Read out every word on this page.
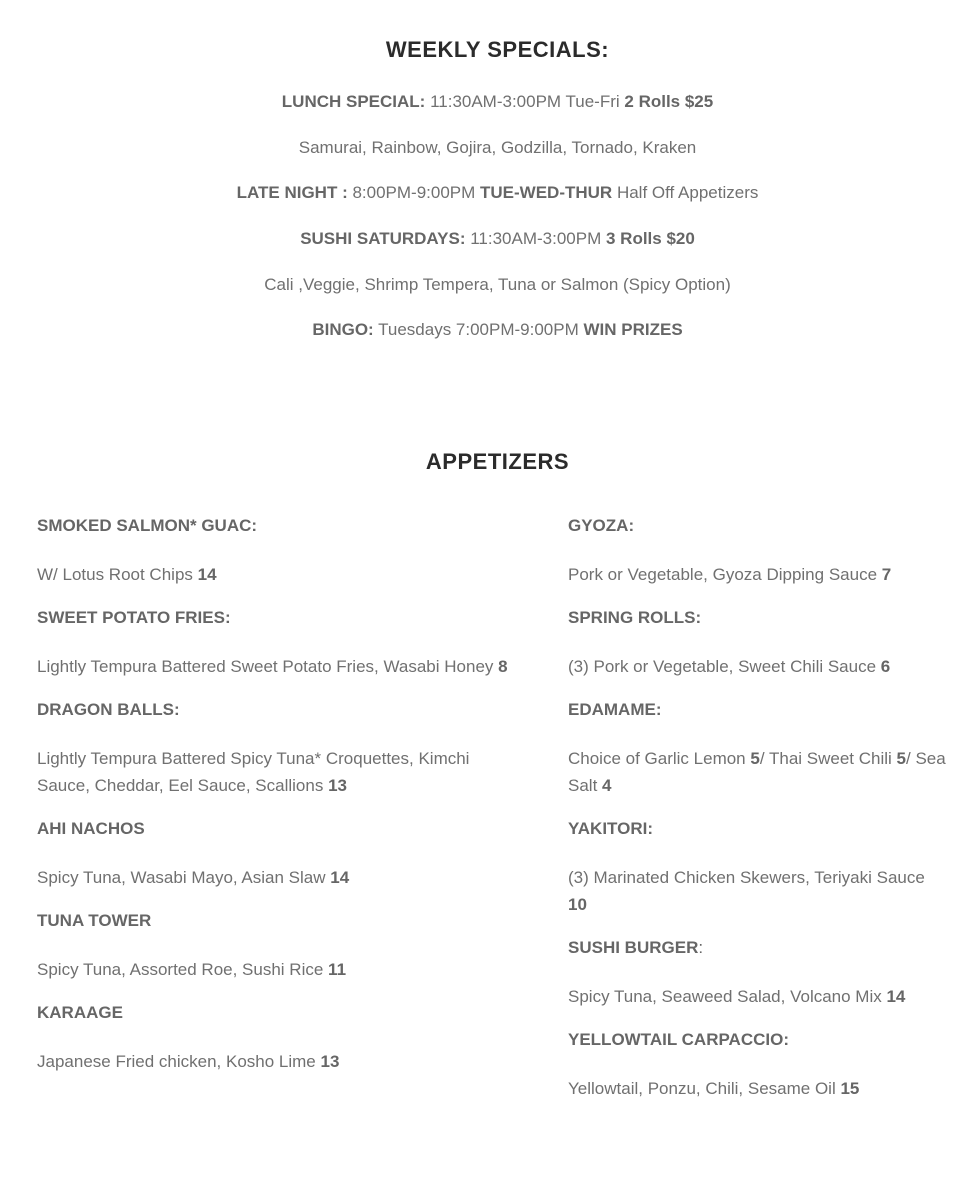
WEEKLY SPECIALS:
LUNCH SPECIAL: 11:30AM-3:00PM Tue-Fri 2 Rolls $25
Samurai, Rainbow, Gojira, Godzilla, Tornado, Kraken
LATE NIGHT : 8:00PM-9:00PM TUE-WED-THUR Half Off Appetizers
SUSHI SATURDAYS: 11:30AM-3:00PM 3 Rolls $20
Cali ,Veggie, Shrimp Tempera, Tuna or Salmon (Spicy Option)
BINGO: Tuesdays 7:00PM-9:00PM WIN PRIZES
APPETIZERS
SMOKED SALMON* GUAC:
W/ Lotus Root Chips 14
SWEET POTATO FRIES:
Lightly Tempura Battered Sweet Potato Fries, Wasabi Honey 8
DRAGON BALLS:
Lightly Tempura Battered Spicy Tuna* Croquettes, Kimchi Sauce, Cheddar, Eel Sauce, Scallions 13
AHI NACHOS
Spicy Tuna, Wasabi Mayo, Asian Slaw 14
TUNA TOWER
Spicy Tuna, Assorted Roe, Sushi Rice 11
KARAAGE
Japanese Fried chicken, Kosho Lime 13
GYOZA:
Pork or Vegetable, Gyoza Dipping Sauce 7
SPRING ROLLS:
(3) Pork or Vegetable, Sweet Chili Sauce 6
EDAMAME:
Choice of Garlic Lemon 5/ Thai Sweet Chili 5/ Sea Salt 4
YAKITORI:
(3) Marinated Chicken Skewers, Teriyaki Sauce 10
SUSHI BURGER:
Spicy Tuna, Seaweed Salad, Volcano Mix 14
YELLOWTAIL CARPACCIO:
Yellowtail, Ponzu, Chili, Sesame Oil 15
